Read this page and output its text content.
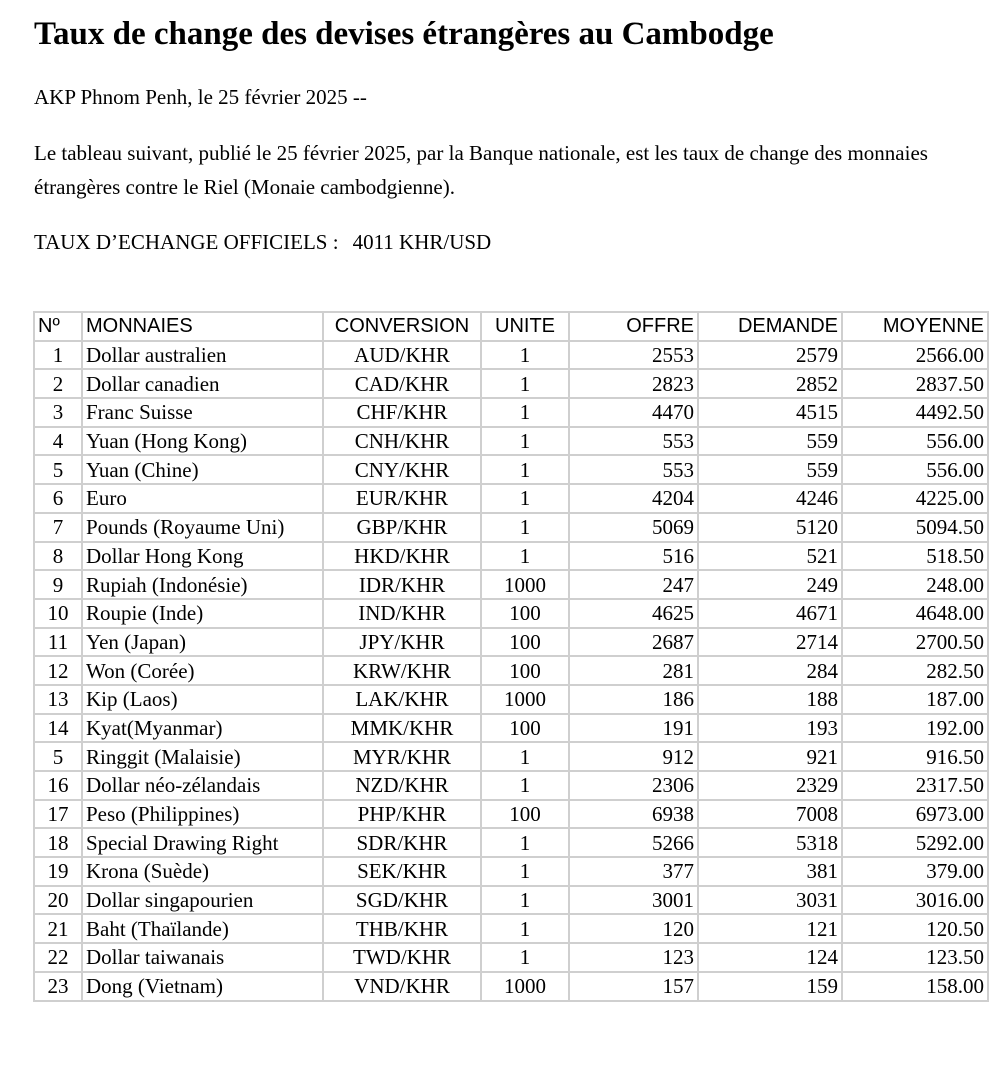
Taux de change des devises étrangères au Cambodge
AKP Phnom Penh, le 25 février 2025 --
Le tableau suivant, publié le 25 février 2025, par la Banque nationale, est les taux de change des monnaies étrangères contre le Riel (Monaie cambodgienne).
TAUX D’ECHANGE OFFICIELS : 4011 KHR/USD
Nº	MONNAIES	CONVERSION	UNITE	OFFRE	DEMANDE	MOYENNE
1	Dollar australien	AUD/KHR	1	2553	2579	2566.00
2	Dollar canadien	CAD/KHR	1	2823	2852	2837.50
3	Franc Suisse	CHF/KHR	1	4470	4515	4492.50
4	Yuan (Hong Kong)	CNH/KHR	1	553	559	556.00
5	Yuan (Chine)	CNY/KHR	1	553	559	556.00
6	Euro	EUR/KHR	1	4204	4246	4225.00
7	Pounds (Royaume Uni)	GBP/KHR	1	5069	5120	5094.50
8	Dollar Hong Kong	HKD/KHR	1	516	521	518.50
9	Rupiah (Indonésie)	IDR/KHR	1000	247	249	248.00
10	Roupie (Inde)	IND/KHR	100	4625	4671	4648.00
11	Yen (Japan)	JPY/KHR	100	2687	2714	2700.50
12	Won (Corée)	KRW/KHR	100	281	284	282.50
13	Kip (Laos)	LAK/KHR	1000	186	188	187.00
14	Kyat(Myanmar)	MMK/KHR	100	191	193	192.00
5	Ringgit (Malaisie)	MYR/KHR	1	912	921	916.50
16	Dollar néo-zélandais	NZD/KHR	1	2306	2329	2317.50
17	Peso (Philippines)	PHP/KHR	100	6938	7008	6973.00
18	Special Drawing Right	SDR/KHR	1	5266	5318	5292.00
19	Krona (Suède)	SEK/KHR	1	377	381	379.00
20	Dollar singapourien	SGD/KHR	1	3001	3031	3016.00
21	Baht (Thaïlande)	THB/KHR	1	120	121	120.50
22	Dollar taiwanais	TWD/KHR	1	123	124	123.50
23	Dong (Vietnam)	VND/KHR	1000	157	159	158.00
